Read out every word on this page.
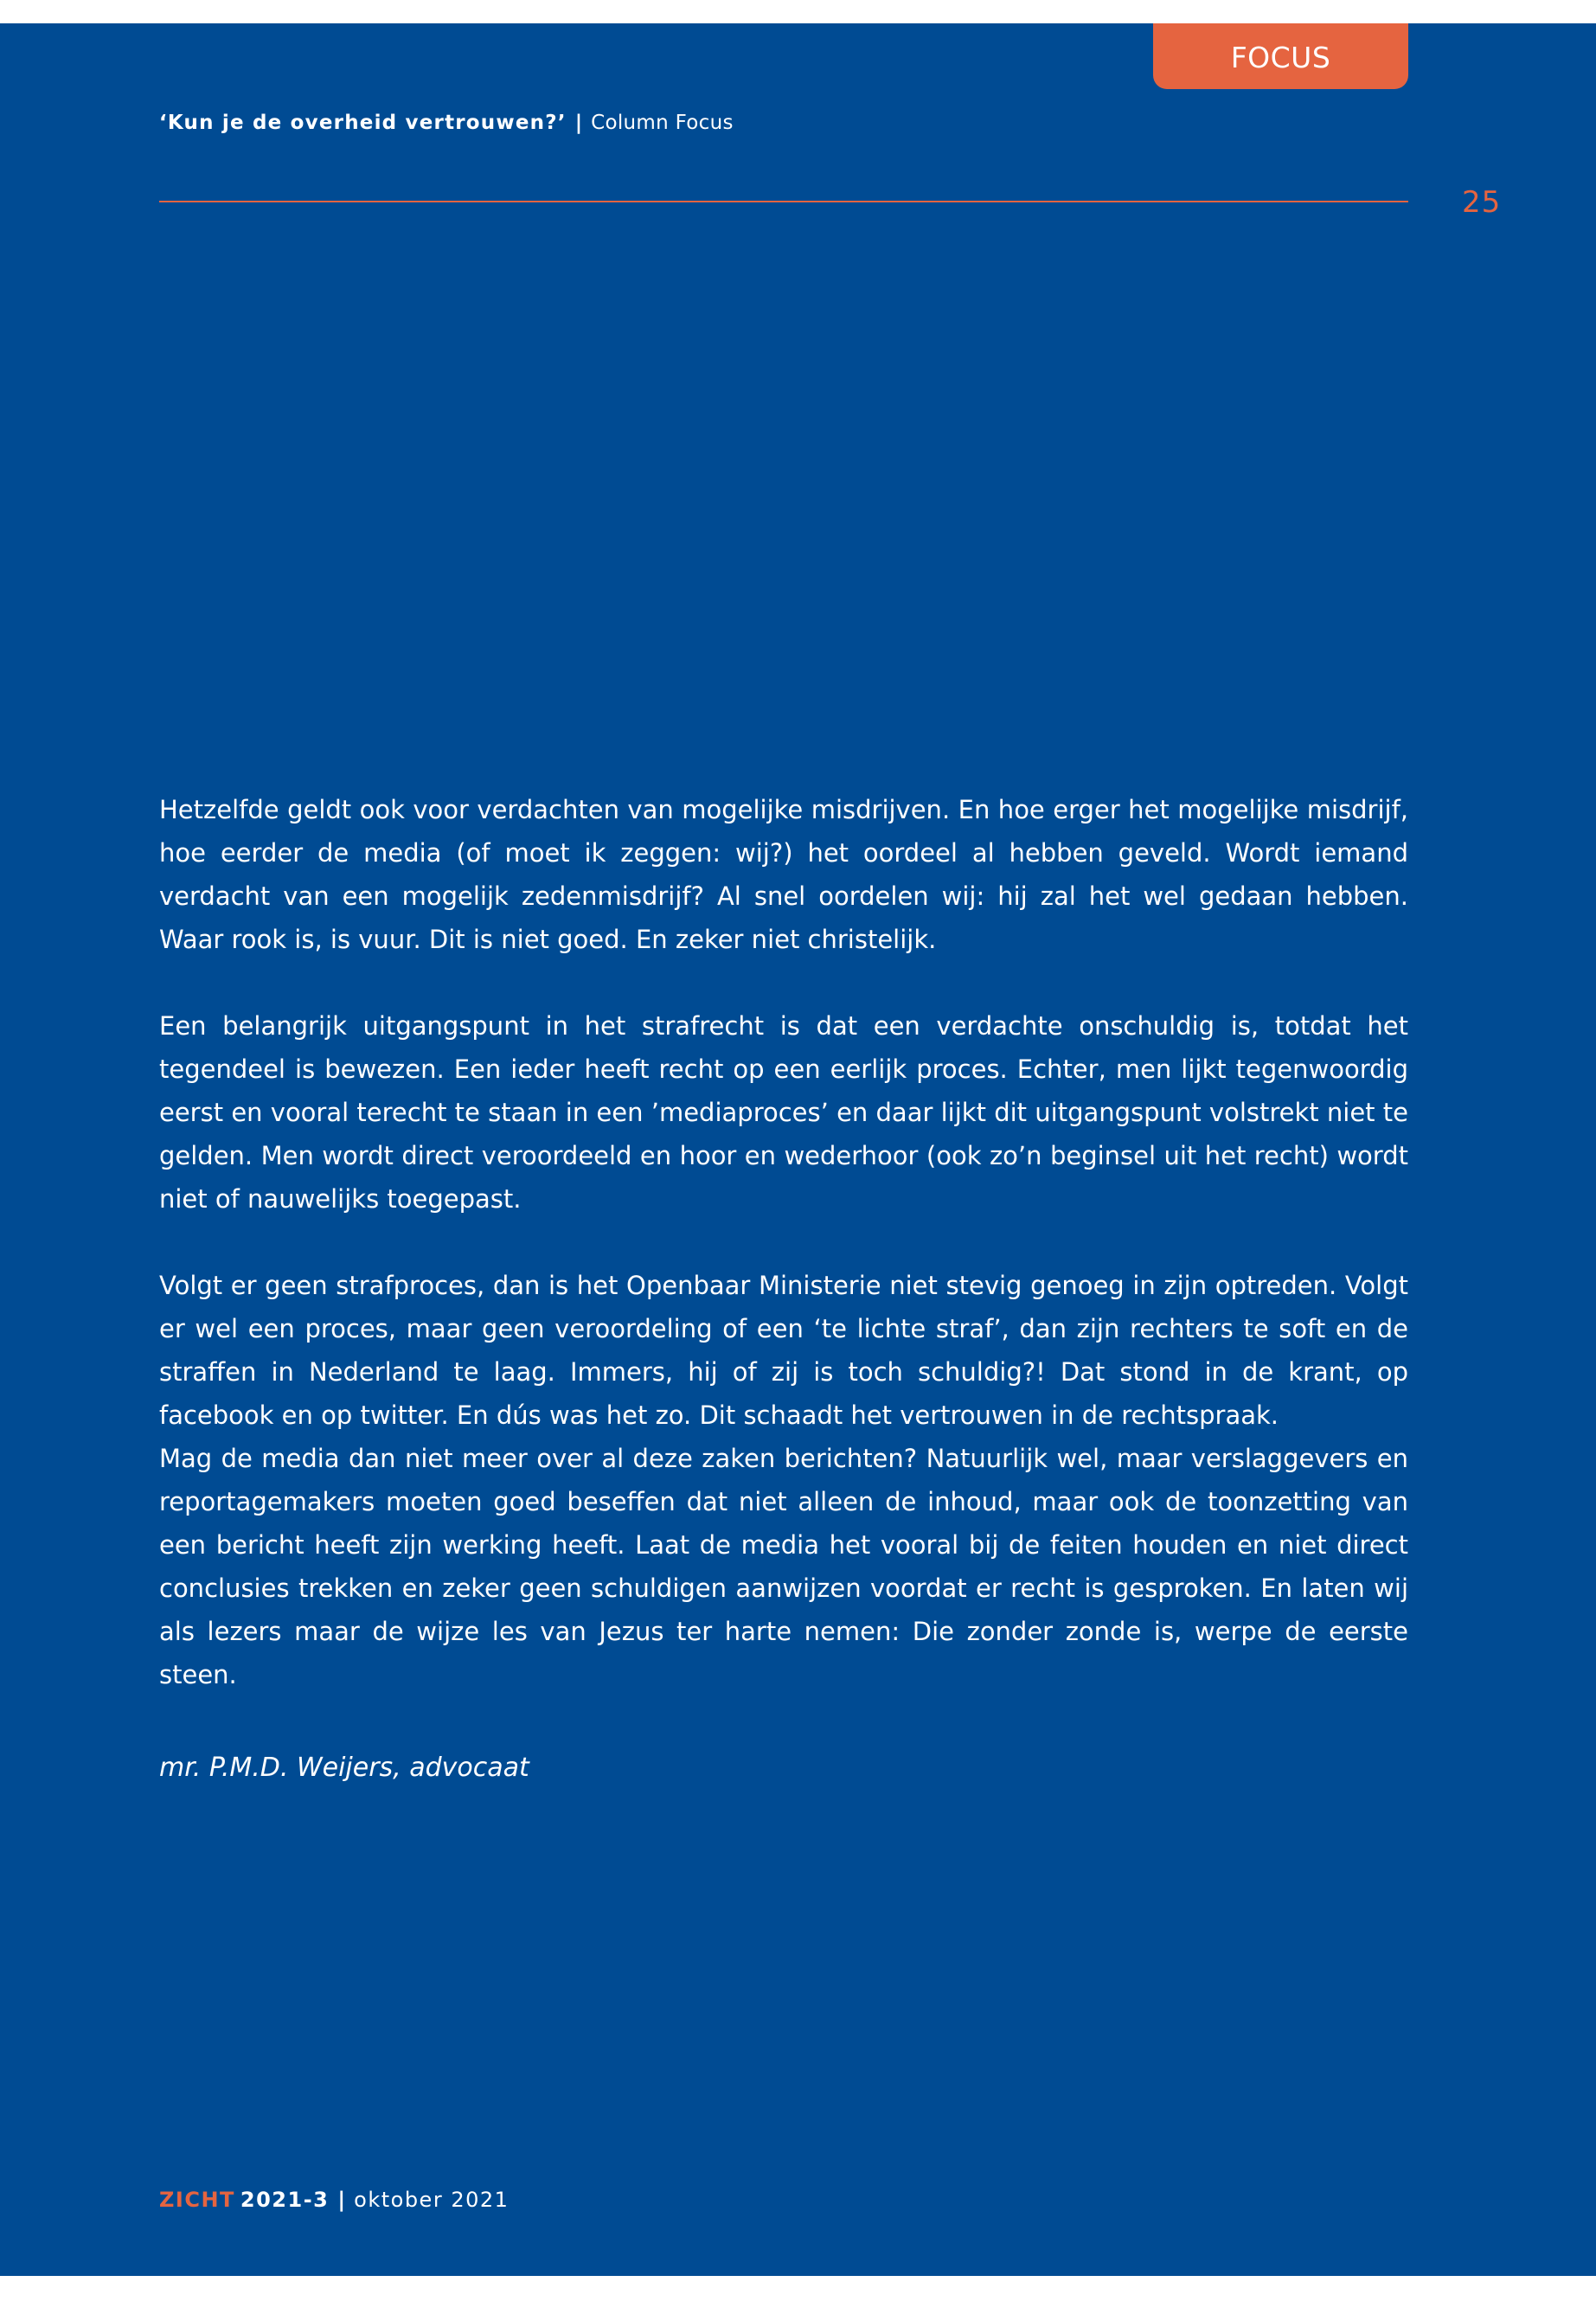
FOCUS
‘Kun je de overheid vertrouwen?’ | Column Focus
25

Hetzelfde geldt ook voor verdachten van mogelijke misdrijven. En hoe erger het mogelijke misdrijf, hoe eerder de media (of moet ik zeggen: wij?) het oordeel al hebben geveld. Wordt iemand verdacht van een mogelijk zedenmisdrijf? Al snel oordelen wij: hij zal het wel gedaan hebben. Waar rook is, is vuur. Dit is niet goed. En zeker niet christelijk.

Een belangrijk uitgangspunt in het strafrecht is dat een verdachte onschuldig is, totdat het tegendeel is bewezen. Een ieder heeft recht op een eerlijk proces. Echter, men lijkt tegenwoordig eerst en vooral terecht te staan in een ’mediaproces’ en daar lijkt dit uitgangspunt volstrekt niet te gelden. Men wordt direct veroordeeld en hoor en wederhoor (ook zo’n beginsel uit het recht) wordt niet of nauwelijks toegepast.

Volgt er geen strafproces, dan is het Openbaar Ministerie niet stevig genoeg in zijn optreden. Volgt er wel een proces, maar geen veroordeling of een ‘te lichte straf’, dan zijn rechters te soft en de straffen in Nederland te laag. Immers, hij of zij is toch schuldig?! Dat stond in de krant, op facebook en op twitter. En dús was het zo. Dit schaadt het vertrouwen in de rechtspraak.

Mag de media dan niet meer over al deze zaken berichten? Natuurlijk wel, maar verslaggevers en reportagemakers moeten goed beseffen dat niet alleen de inhoud, maar ook de toonzetting van een bericht heeft zijn werking heeft. Laat de media het vooral bij de feiten houden en niet direct conclusies trekken en zeker geen schuldigen aanwijzen voordat er recht is gesproken. En laten wij als lezers maar de wijze les van Jezus ter harte nemen: Die zonder zonde is, werpe de eerste steen.

mr. P.M.D. Weijers, advocaat
ZICHT 2021-3 | oktober 2021
